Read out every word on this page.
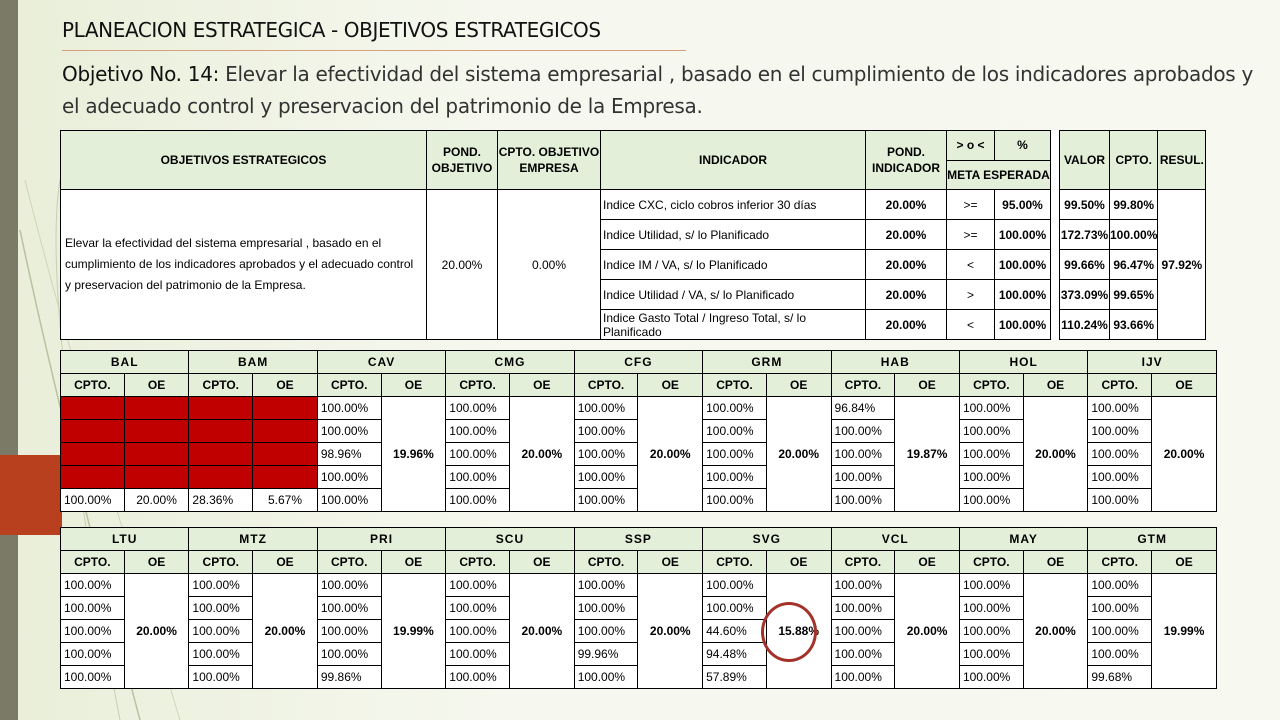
PLANEACION ESTRATEGICA - OBJETIVOS ESTRATEGICOS
Objetivo No. 14: Elevar la efectividad del sistema empresarial , basado en el cumplimiento de los indicadores aprobados y el adecuado control y preservacion del patrimonio de la Empresa.
OBJETIVOS ESTRATEGICOS	POND. OBJETIVO	CPTO. OBJETIVO EMPRESA	INDICADOR	POND. INDICADOR	> o <	%		VALOR	CPTO.	RESUL.
					META ESPERADA					
Elevar la efectividad del sistema empresarial , basado en el cumplimiento de los indicadores aprobados y el adecuado control y preservacion del patrimonio de la Empresa.	20.00%	0.00%	Indice CXC, ciclo cobros inferior 30 días	20.00%	>=	95.00%		99.50%	99.80%	97.92%
			Indice Utilidad, s/ lo Planificado	20.00%	>=	100.00%		172.73%	100.00%	
			Indice IM / VA, s/ lo Planificado	20.00%	<	100.00%		99.66%	96.47%	
			Indice Utilidad / VA, s/ lo Planificado	20.00%	>	100.00%		373.09%	99.65%	
			Indice Gasto Total / Ingreso Total, s/ lo Planificado	20.00%	<	100.00%		110.24%	93.66%	
BAL		BAM		CAV		CMG		CFG		GRM		HAB		HOL		IJV	
CPTO.	OE	CPTO.	OE	CPTO.	OE	CPTO.	OE	CPTO.	OE	CPTO.	OE	CPTO.	OE	CPTO.	OE	CPTO.	OE
				100.00%	19.96%	100.00%	20.00%	100.00%	20.00%	100.00%	20.00%	96.84%	19.87%	100.00%	20.00%	100.00%	20.00%
				100.00%		100.00%		100.00%		100.00%		100.00%		100.00%		100.00%	
				98.96%		100.00%		100.00%		100.00%		100.00%		100.00%		100.00%	
				100.00%		100.00%		100.00%		100.00%		100.00%		100.00%		100.00%	
100.00%	20.00%	28.36%	5.67%	100.00%		100.00%		100.00%		100.00%		100.00%		100.00%		100.00%	
LTU		MTZ		PRI		SCU		SSP		SVG		VCL		MAY		GTM	
CPTO.	OE	CPTO.	OE	CPTO.	OE	CPTO.	OE	CPTO.	OE	CPTO.	OE	CPTO.	OE	CPTO.	OE	CPTO.	OE
100.00%	20.00%	100.00%	20.00%	100.00%	19.99%	100.00%	20.00%	100.00%	20.00%	100.00%	15.88%	100.00%	20.00%	100.00%	20.00%	100.00%	19.99%
100.00%		100.00%		100.00%		100.00%		100.00%		100.00%		100.00%		100.00%		100.00%	
100.00%		100.00%		100.00%		100.00%		100.00%		44.60%		100.00%		100.00%		100.00%	
100.00%		100.00%		100.00%		100.00%		99.96%		94.48%		100.00%		100.00%		100.00%	
100.00%		100.00%		99.86%		100.00%		100.00%		57.89%		100.00%		100.00%		99.68%	
